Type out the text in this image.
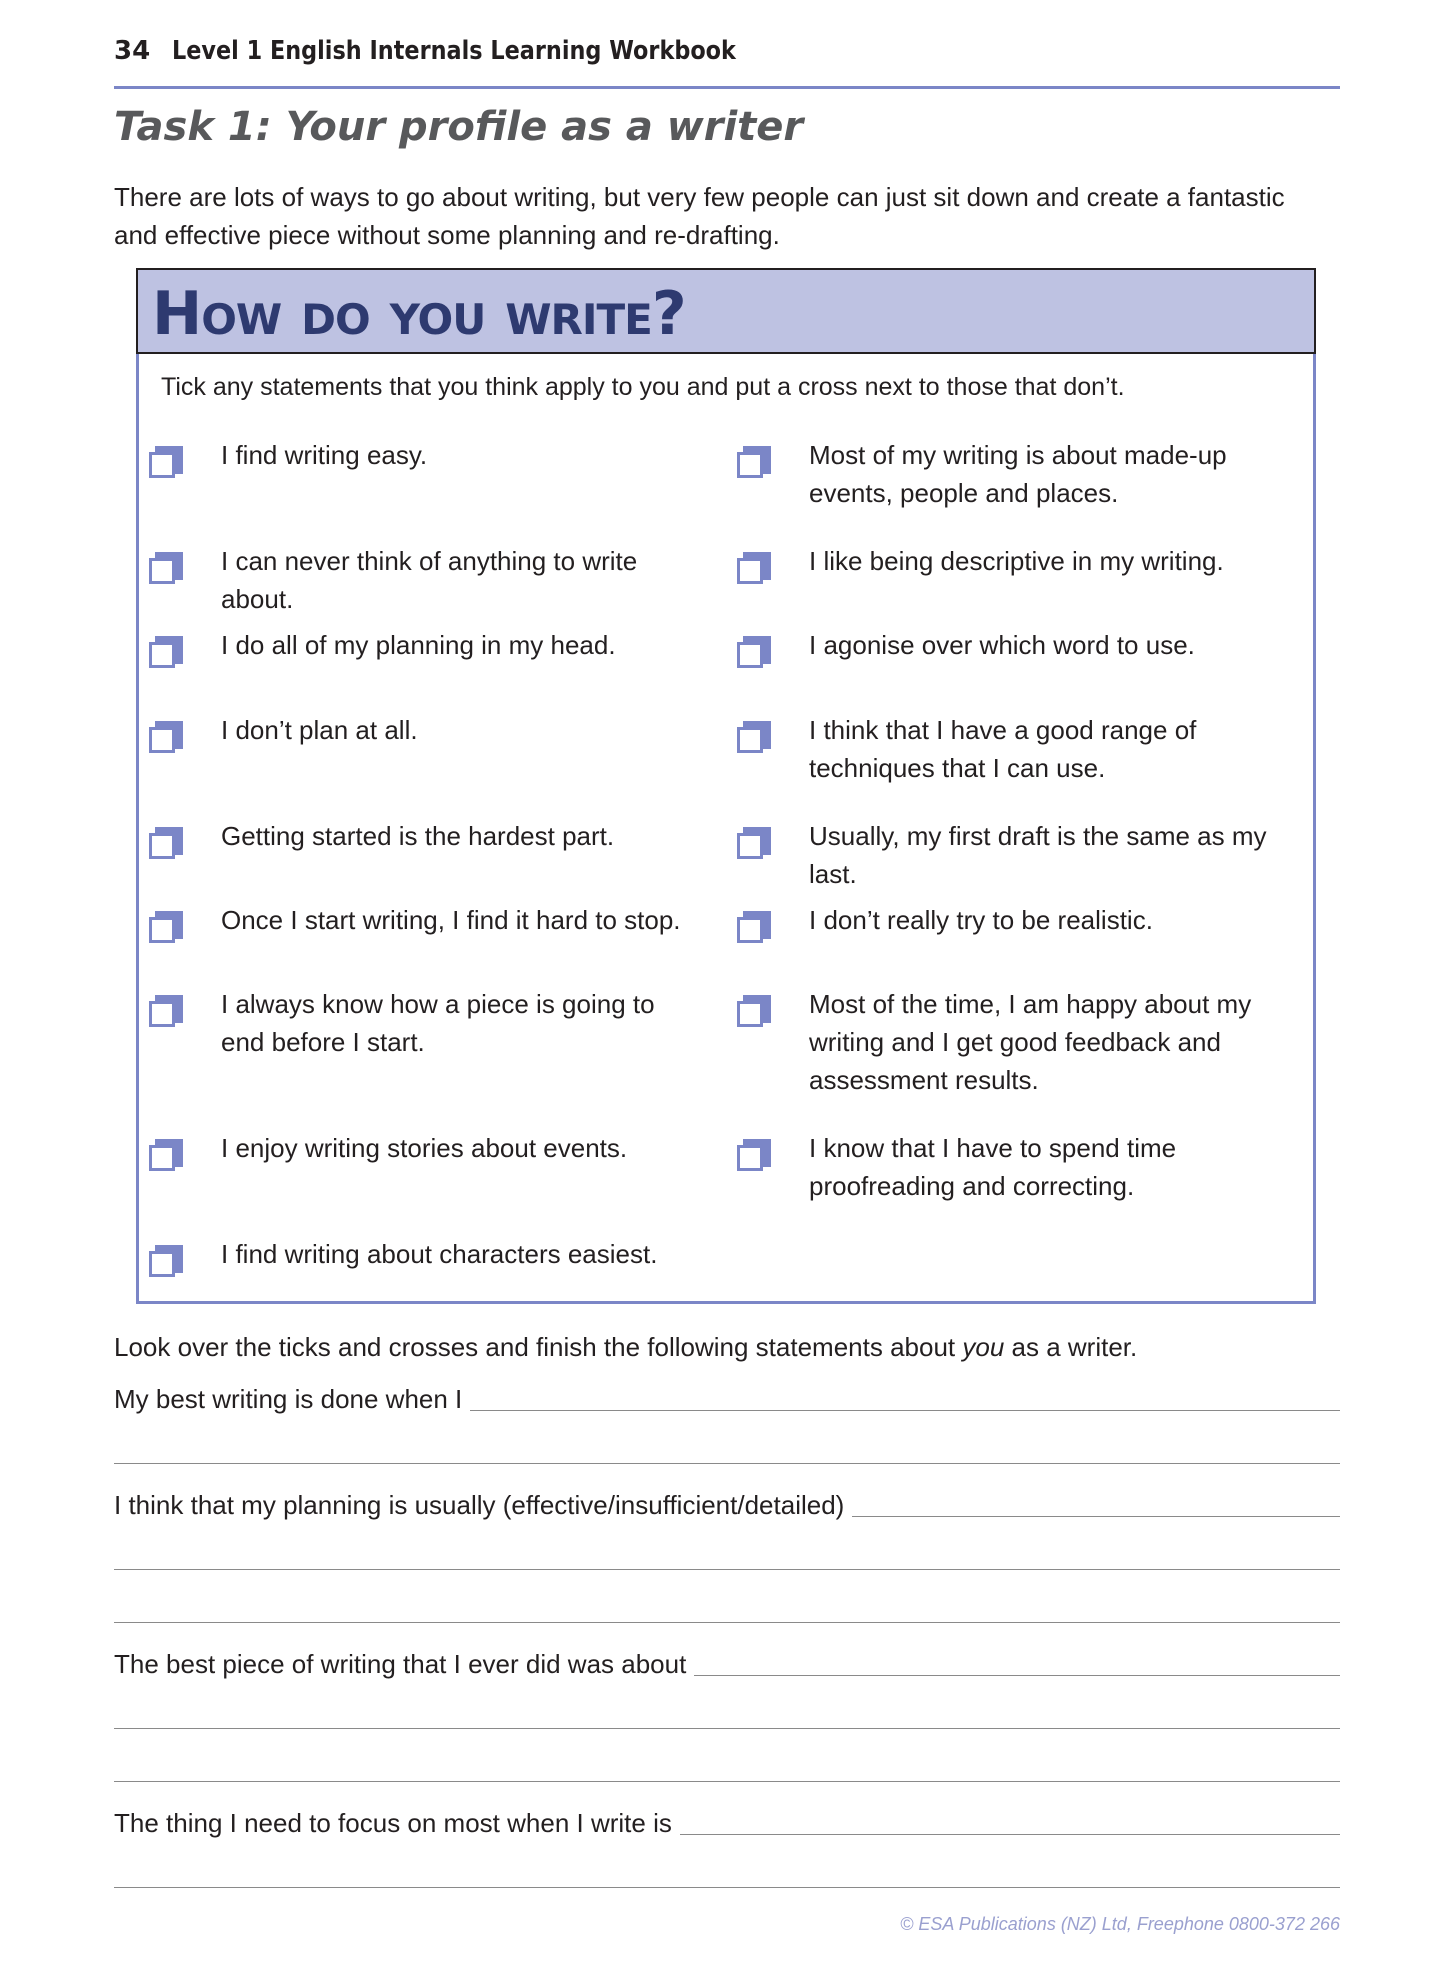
34 Level 1 English Internals Learning Workbook
Task 1: Your profile as a writer
There are lots of ways to go about writing, but very few people can just sit down and create a fantastic and effective piece without some planning and re-drafting.
How do you write?
Tick any statements that you think apply to you and put a cross next to those that don’t.
I find writing easy.
I can never think of anything to write about.
I do all of my planning in my head.
I don’t plan at all.
Getting started is the hardest part.
Once I start writing, I find it hard to stop.
I always know how a piece is going to end before I start.
I enjoy writing stories about events.
I find writing about characters easiest.
Most of my writing is about made-up events, people and places.
I like being descriptive in my writing.
I agonise over which word to use.
I think that I have a good range of techniques that I can use.
Usually, my first draft is the same as my last.
I don’t really try to be realistic.
Most of the time, I am happy about my writing and I get good feedback and assessment results.
I know that I have to spend time proofreading and correcting.
Look over the ticks and crosses and finish the following statements about you as a writer.
My best writing is done when I
I think that my planning is usually (effective/insufficient/detailed)
The best piece of writing that I ever did was about
The thing I need to focus on most when I write is
© ESA Publications (NZ) Ltd, Freephone 0800-372 266
